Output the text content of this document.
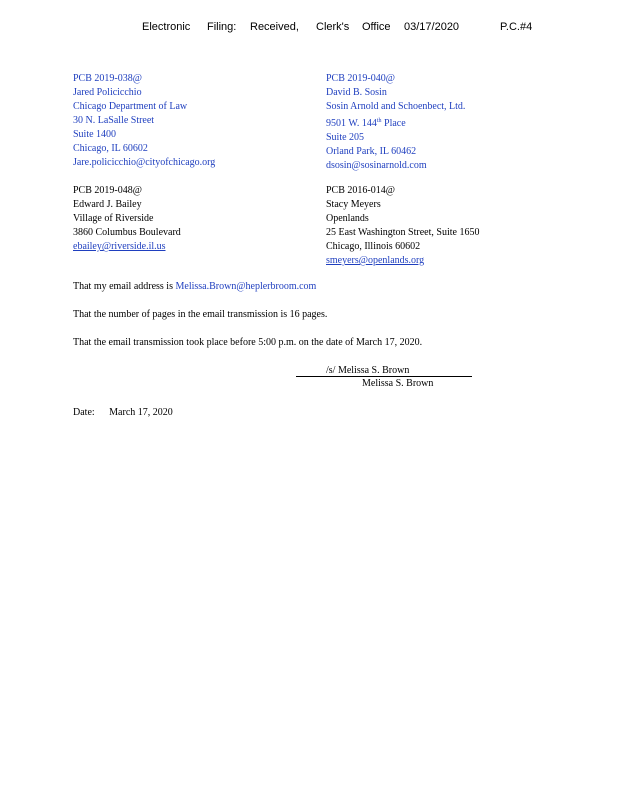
Electronic Filing: Received, Clerk's Office 03/17/2020	P.C.#4
PCB 2019-038@
Jared Policicchio
Chicago Department of Law
30 N. LaSalle Street
Suite 1400
Chicago, IL 60602
Jare.policicchio@cityofchicago.org
PCB 2019-040@
David B. Sosin
Sosin Arnold and Schoenbect, Ltd.
9501 W. 144th Place
Suite 205
Orland Park, IL 60462
dsosin@sosinarnold.com
PCB 2019-048@
Edward J. Bailey
Village of Riverside
3860 Columbus Boulevard
ebailey@riverside.il.us
PCB 2016-014@
Stacy Meyers
Openlands
25 East Washington Street, Suite 1650
Chicago, Illinois 60602
smeyers@openlands.org
That my email address is Melissa.Brown@heplerbroom.com
That the number of pages in the email transmission is 16 pages.
That the email transmission took place before 5:00 p.m. on the date of March 17, 2020.
/s/ Melissa S. Brown
Melissa S. Brown
Date: March 17, 2020
